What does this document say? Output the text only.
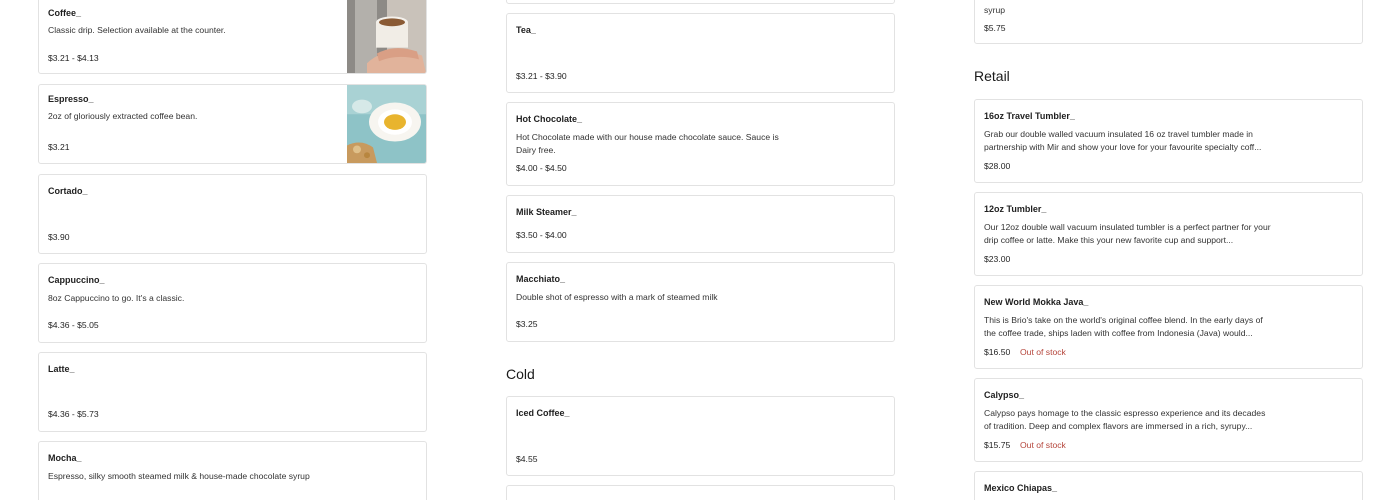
Coffee_
Classic drip. Selection available at the counter.
$3.21 - $4.13
Espresso_
2oz of gloriously extracted coffee bean.
$3.21
Cortado_
$3.90
Cappuccino_
8oz Cappuccino to go. It's a classic.
$4.36 - $5.05
Latte_
$4.36 - $5.73
Mocha_
Espresso, silky smooth steamed milk & house-made chocolate syrup
Tea_
$3.21 - $3.90
Hot Chocolate_
Hot Chocolate made with our house made chocolate sauce. Sauce is Dairy free.
$4.00 - $4.50
Milk Steamer_
$3.50 - $4.00
Macchiato_
Double shot of espresso with a mark of steamed milk
$3.25
Cold
Iced Coffee_
$4.55
syrup
$5.75
Retail
16oz Travel Tumbler_
Grab our double walled vacuum insulated 16 oz travel tumbler made in partnership with Mir and show your love for your favourite specialty coff...
$28.00
12oz Tumbler_
Our 12oz double wall vacuum insulated tumbler is a perfect partner for your drip coffee or latte. Make this your new favorite cup and support...
$23.00
New World Mokka Java_
This is Brio's take on the world's original coffee blend. In the early days of the coffee trade, ships laden with coffee from Indonesia (Java) would...
$16.50 Out of stock
Calypso_
Calypso pays homage to the classic espresso experience and its decades of tradition. Deep and complex flavors are immersed in a rich, syrupy...
$15.75 Out of stock
Mexico Chiapas_
